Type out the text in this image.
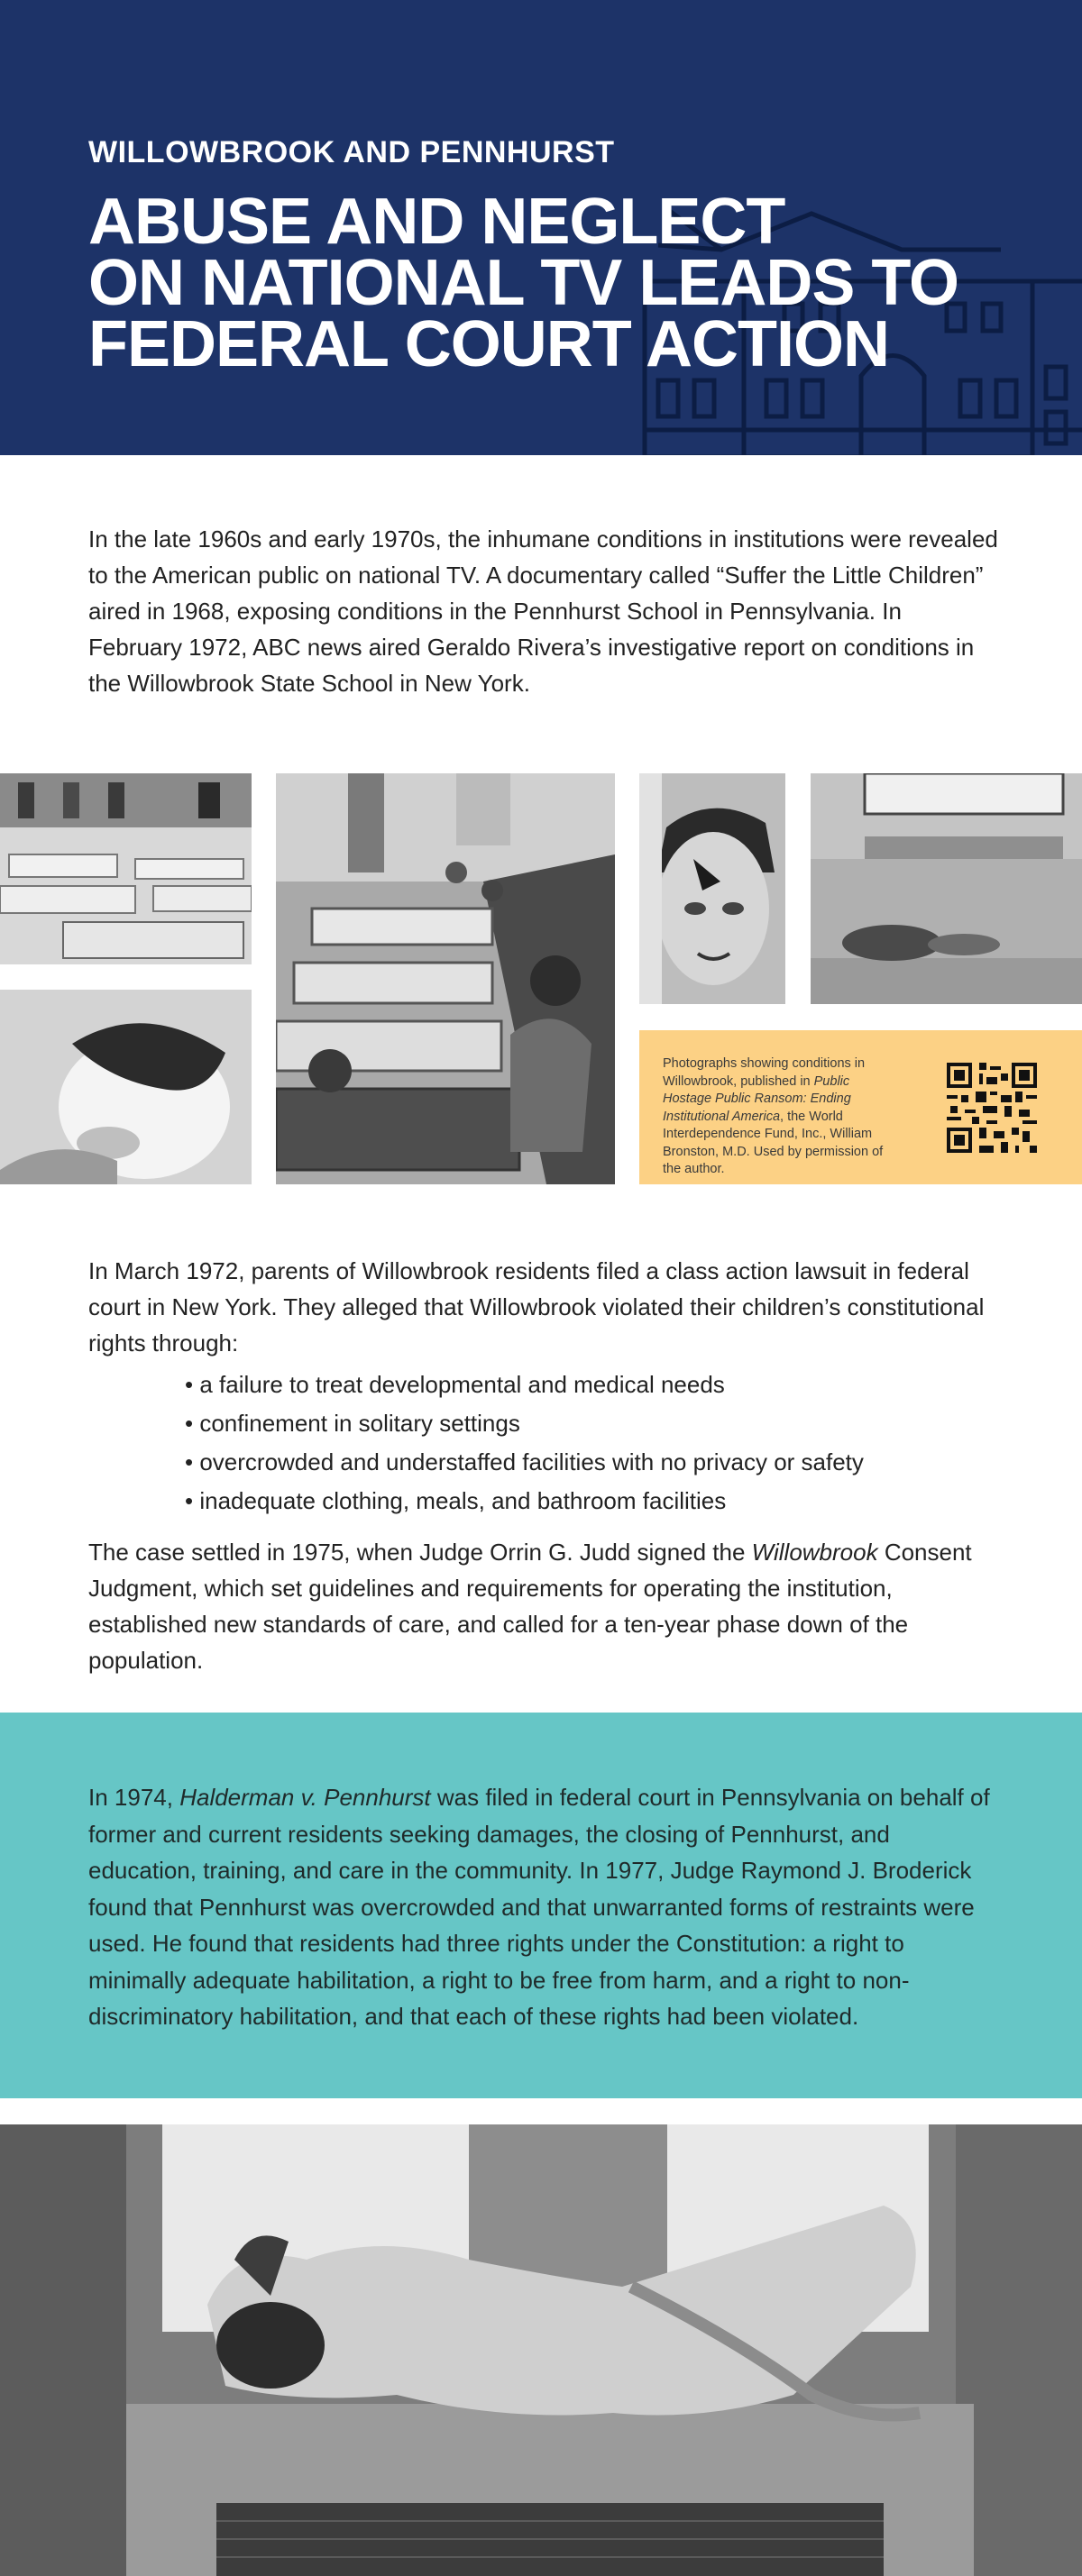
WILLOWBROOK AND PENNHURST
ABUSE AND NEGLECT
ON NATIONAL TV LEADS TO
FEDERAL COURT ACTION

In the late 1960s and early 1970s, the inhumane conditions in institutions were revealed to the American public on national TV. A documentary called “Suffer the Little Children” aired in 1968, exposing conditions in the Pennhurst School in Pennsylvania. In February 1972, ABC news aired Geraldo Rivera’s investigative report on conditions in the Willowbrook State School in New York.

Photographs showing conditions in Willowbrook, published in Public Hostage Public Ransom: Ending Institutional America, the World Interdependence Fund, Inc., William Bronston, M.D. Used by permission of the author.

In March 1972, parents of Willowbrook residents filed a class action lawsuit in federal court in New York. They alleged that Willowbrook violated their children’s constitutional rights through:

• a failure to treat developmental and medical needs
• confinement in solitary settings
• overcrowded and understaffed facilities with no privacy or safety
• inadequate clothing, meals, and bathroom facilities

The case settled in 1975, when Judge Orrin G. Judd signed the Willowbrook Consent Judgment, which set guidelines and requirements for operating the institution, established new standards of care, and called for a ten-year phase down of the population.

In 1974, Halderman v. Pennhurst was filed in federal court in Pennsylvania on behalf of former and current residents seeking damages, the closing of Pennhurst, and education, training, and care in the community. In 1977, Judge Raymond J. Broderick found that Pennhurst was overcrowded and that unwarranted forms of restraints were used. He found that residents had three rights under the Constitution: a right to minimally adequate habilitation, a right to be free from harm, and a right to non-discriminatory habilitation, and that each of these rights had been violated.
